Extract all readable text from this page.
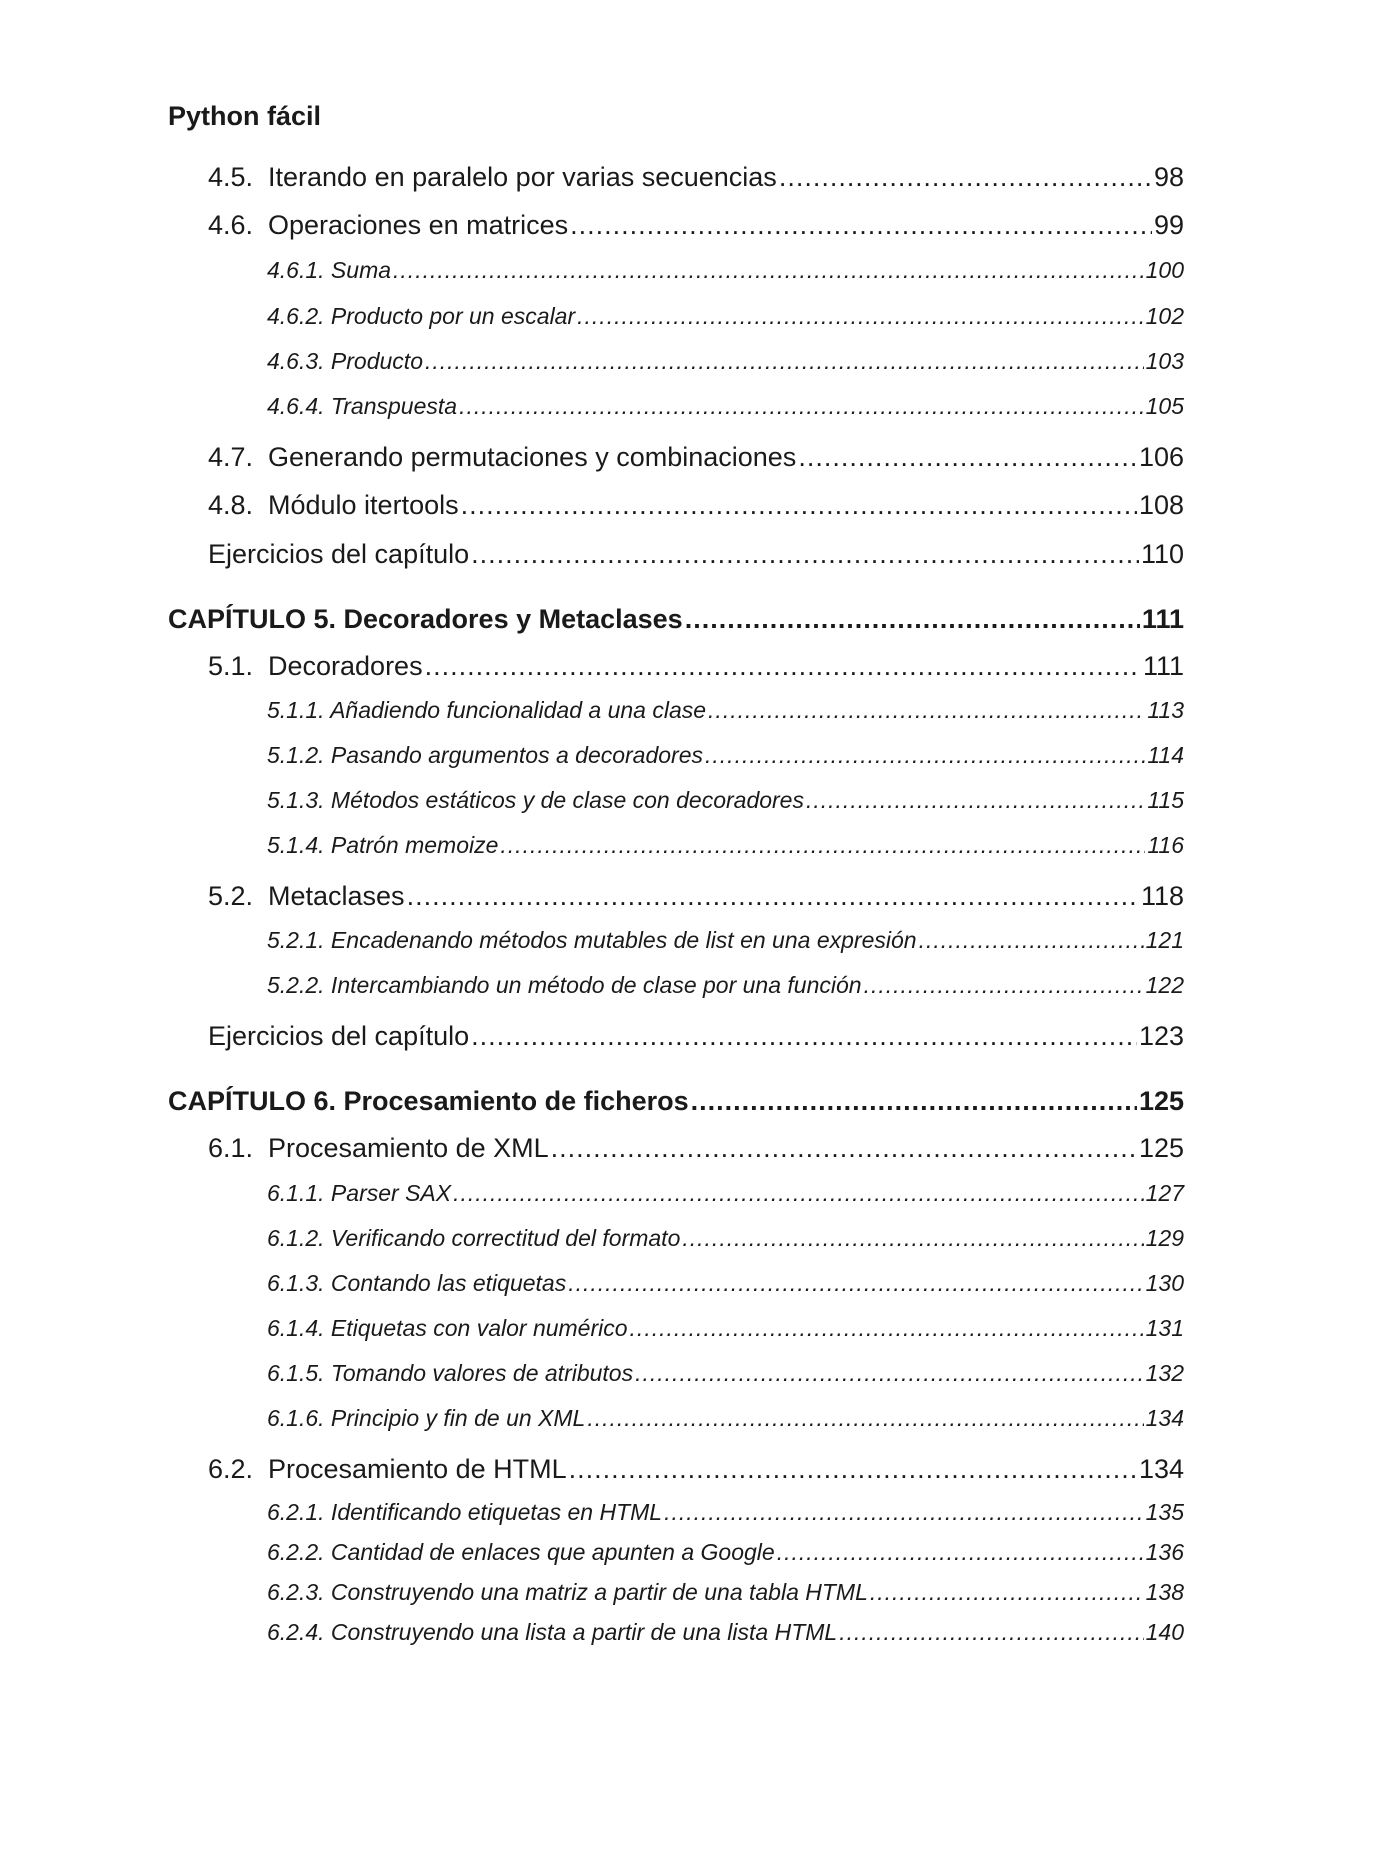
Python fácil
4.5. Iterando en paralelo por varias secuencias .....	98
4.6. Operaciones en matrices .....	99
4.6.1. Suma .....	100
4.6.2. Producto por un escalar .....	102
4.6.3. Producto .....	103
4.6.4. Transpuesta .....	105
4.7. Generando permutaciones y combinaciones .....	106
4.8. Módulo itertools .....	108
Ejercicios del capítulo .....	110
CAPÍTULO 5. Decoradores y Metaclases .....	111
5.1. Decoradores .....	111
5.1.1. Añadiendo funcionalidad a una clase .....	113
5.1.2. Pasando argumentos a decoradores .....	114
5.1.3. Métodos estáticos y de clase con decoradores .....	115
5.1.4. Patrón memoize .....	116
5.2. Metaclases .....	118
5.2.1. Encadenando métodos mutables de list en una expresión .....	121
5.2.2. Intercambiando un método de clase por una función .....	122
Ejercicios del capítulo .....	123
CAPÍTULO 6. Procesamiento de ficheros .....	125
6.1. Procesamiento de XML .....	125
6.1.1. Parser SAX .....	127
6.1.2. Verificando correctitud del formato .....	129
6.1.3. Contando las etiquetas .....	130
6.1.4. Etiquetas con valor numérico .....	131
6.1.5. Tomando valores de atributos .....	132
6.1.6. Principio y fin de un XML .....	134
6.2. Procesamiento de HTML .....	134
6.2.1. Identificando etiquetas en HTML .....	135
6.2.2. Cantidad de enlaces que apunten a Google .....	136
6.2.3. Construyendo una matriz a partir de una tabla HTML .....	138
6.2.4. Construyendo una lista a partir de una lista HTML .....	140
